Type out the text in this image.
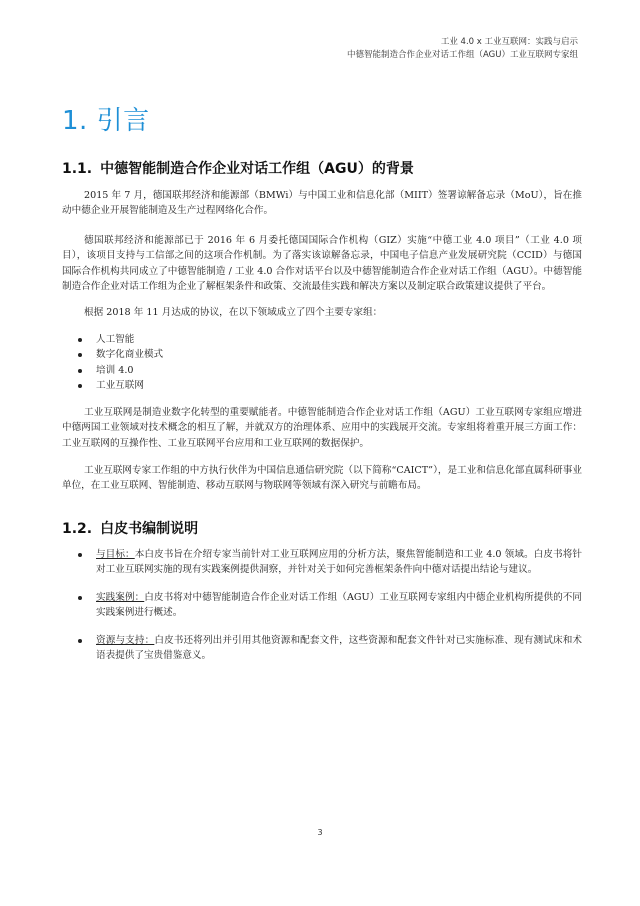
工业 4.0 x 工业互联网：实践与启示
中德智能制造合作企业对话工作组（AGU）工业互联网专家组
1. 引言
1.1. 中德智能制造合作企业对话工作组（AGU）的背景

2015 年 7 月，德国联邦经济和能源部（BMWi）与中国工业和信息化部（MIIT）签署谅解备忘录（MoU），旨在推动中德企业开展智能制造及生产过程网络化合作。

德国联邦经济和能源部已于 2016 年 6 月委托德国国际合作机构（GIZ）实施“中德工业 4.0 项目”（工业 4.0 项目），该项目支持与工信部之间的这项合作机制。为了落实该谅解备忘录，中国电子信息产业发展研究院（CCID）与德国国际合作机构共同成立了中德智能制造 / 工业 4.0 合作对话平台以及中德智能制造合作企业对话工作组（AGU）。中德智能制造合作企业对话工作组为企业了解框架条件和政策、交流最佳实践和解决方案以及制定联合政策建议提供了平台。

根据 2018 年 11 月达成的协议，在以下领域成立了四个主要专家组：

人工智能
数字化商业模式
培训 4.0
工业互联网

工业互联网是制造业数字化转型的重要赋能者。中德智能制造合作企业对话工作组（AGU）工业互联网专家组应增进中德两国工业领域对技术概念的相互了解，并就双方的治理体系、应用中的实践展开交流。专家组将着重开展三方面工作：工业互联网的互操作性、工业互联网平台应用和工业互联网的数据保护。

工业互联网专家工作组的中方执行伙伴为中国信息通信研究院（以下简称“CAICT”），是工业和信息化部直属科研事业单位，在工业互联网、智能制造、移动互联网与物联网等领域有深入研究与前瞻布局。

1.2. 白皮书编制说明
与目标：本白皮书旨在介绍专家当前针对工业互联网应用的分析方法，聚焦智能制造和工业 4.0 领域。白皮书将针对工业互联网实施的现有实践案例提供洞察，并针对关于如何完善框架条件向中德对话提出结论与建议。
实践案例：白皮书将对中德智能制造合作企业对话工作组（AGU）工业互联网专家组内中德企业机构所提供的不同实践案例进行概述。
资源与支持：白皮书还将列出并引用其他资源和配套文件，这些资源和配套文件针对已实施标准、现有测试床和术语表提供了宝贵借鉴意义。
3
